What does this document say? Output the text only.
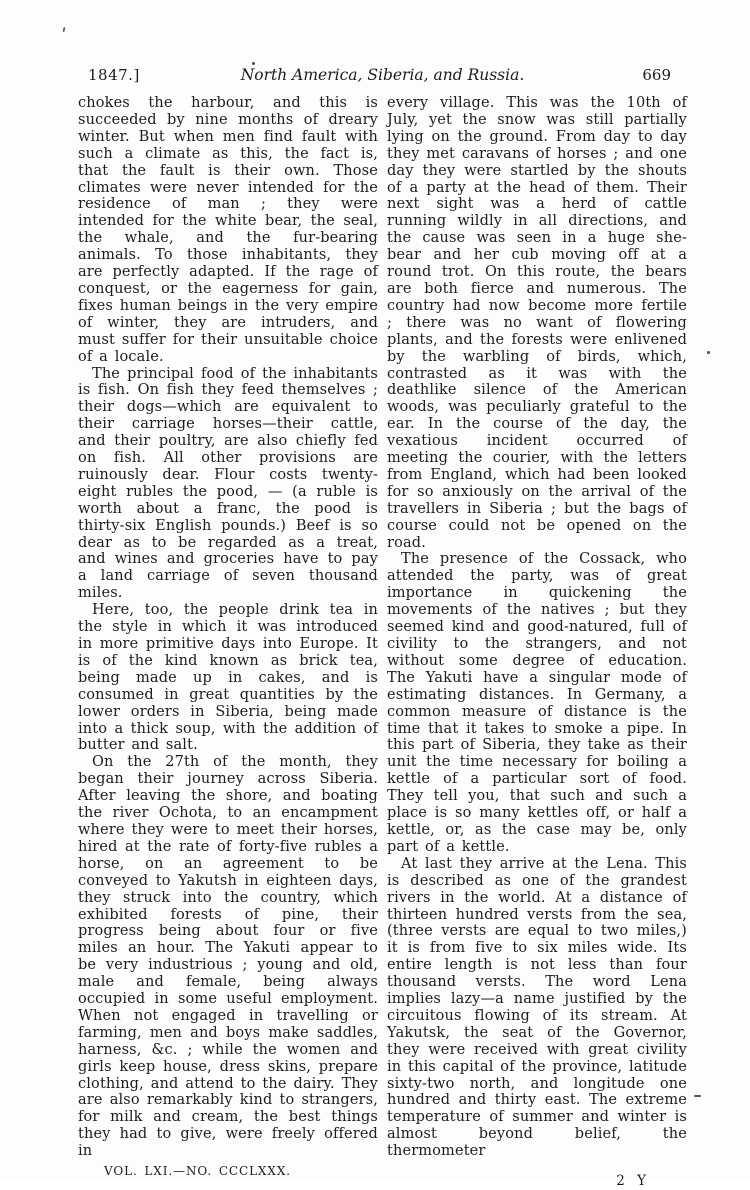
1847.]	North America, Siberia, and Russia.	669

chokes the harbour, and this is succeeded by nine months of dreary winter. But when men find fault with such a climate as this, the fact is, that the fault is their own. Those climates were never intended for the residence of man ; they were intended for the white bear, the seal, the whale, and the fur-bearing animals. To those inhabitants, they are perfectly adapted. If the rage of conquest, or the eagerness for gain, fixes human beings in the very empire of winter, they are intruders, and must suffer for their unsuitable choice of a locale.

The principal food of the inhabitants is fish. On fish they feed themselves ; their dogs—which are equivalent to their carriage horses—their cattle, and their poultry, are also chiefly fed on fish. All other provisions are ruinously dear. Flour costs twenty-eight rubles the pood, — (a ruble is worth about a franc, the pood is thirty-six English pounds.) Beef is so dear as to be regarded as a treat, and wines and groceries have to pay a land carriage of seven thousand miles.

Here, too, the people drink tea in the style in which it was introduced in more primitive days into Europe. It is of the kind known as brick tea, being made up in cakes, and is consumed in great quantities by the lower orders in Siberia, being made into a thick soup, with the addition of butter and salt.

On the 27th of the month, they began their journey across Siberia. After leaving the shore, and boating the river Ochota, to an encampment where they were to meet their horses, hired at the rate of forty-five rubles a horse, on an agreement to be conveyed to Yakutsh in eighteen days, they struck into the country, which exhibited forests of pine, their progress being about four or five miles an hour. The Yakuti appear to be very industrious ; young and old, male and female, being always occupied in some useful employment. When not engaged in travelling or farming, men and boys make saddles, harness, &c. ; while the women and girls keep house, dress skins, prepare clothing, and attend to the dairy. They are also remarkably kind to strangers, for milk and cream, the best things they had to give, were freely offered in

VOL. LXI.—NO. CCCLXXX.

every village. This was the 10th of July, yet the snow was still partially lying on the ground. From day to day they met caravans of horses ; and one day they were startled by the shouts of a party at the head of them. Their next sight was a herd of cattle running wildly in all directions, and the cause was seen in a huge she-bear and her cub moving off at a round trot. On this route, the bears are both fierce and numerous. The country had now become more fertile ; there was no want of flowering plants, and the forests were enlivened by the warbling of birds, which, contrasted as it was with the deathlike silence of the American woods, was peculiarly grateful to the ear. In the course of the day, the vexatious incident occurred of meeting the courier, with the letters from England, which had been looked for so anxiously on the arrival of the travellers in Siberia ; but the bags of course could not be opened on the road.

The presence of the Cossack, who attended the party, was of great importance in quickening the movements of the natives ; but they seemed kind and good-natured, full of civility to the strangers, and not without some degree of education. The Yakuti have a singular mode of estimating distances. In Germany, a common measure of distance is the time that it takes to smoke a pipe. In this part of Siberia, they take as their unit the time necessary for boiling a kettle of a particular sort of food. They tell you, that such and such a place is so many kettles off, or half a kettle, or, as the case may be, only part of a kettle.

At last they arrive at the Lena. This is described as one of the grandest rivers in the world. At a distance of thirteen hundred versts from the sea, (three versts are equal to two miles,) it is from five to six miles wide. Its entire length is not less than four thousand versts. The word Lena implies lazy—a name justified by the circuitous flowing of its stream. At Yakutsk, the seat of the Governor, they were received with great civility in this capital of the province, latitude sixty-two north, and longitude one hundred and thirty east. The extreme temperature of summer and winter is almost beyond belief, the thermometer

2 Y
